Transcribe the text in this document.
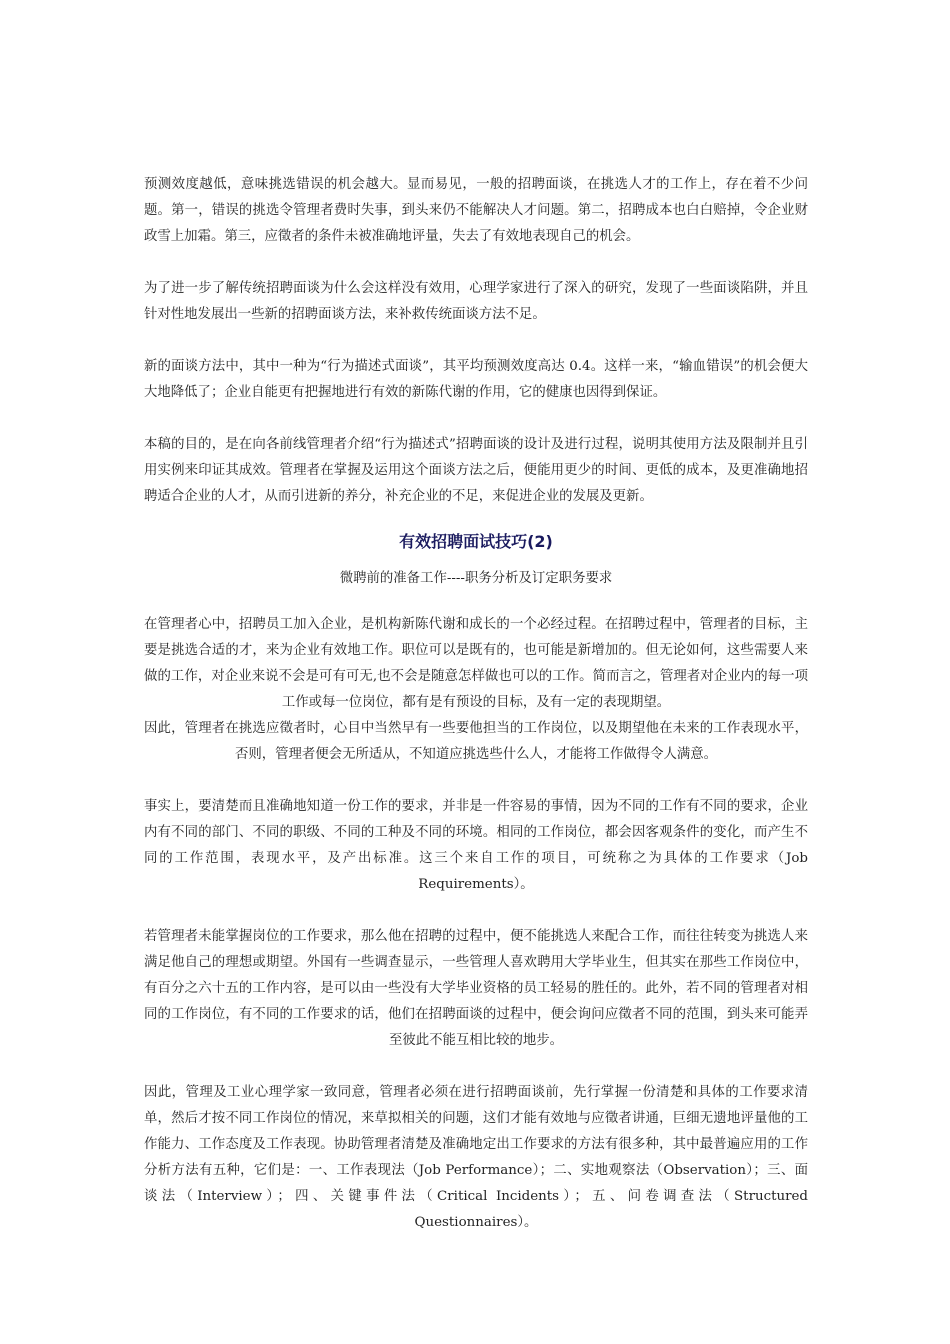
预测效度越低，意味挑选错误的机会越大。显而易见，一般的招聘面谈，在挑选人才的工作上，存在着不少问题。第一，错误的挑选令管理者费时失事，到头来仍不能解决人才问题。第二，招聘成本也白白赔掉，令企业财政雪上加霜。第三，应徵者的条件未被准确地评量，失去了有效地表现自己的机会。

为了进一步了解传统招聘面谈为什么会这样没有效用，心理学家进行了深入的研究，发现了一些面谈陷阱，并且针对性地发展出一些新的招聘面谈方法，来补救传统面谈方法不足。

新的面谈方法中，其中一种为“行为描述式面谈”，其平均预测效度高达 0.4。这样一来，“输血错误”的机会便大大地降低了；企业自能更有把握地进行有效的新陈代谢的作用，它的健康也因得到保证。

本稿的目的，是在向各前线管理者介绍“行为描述式”招聘面谈的设计及进行过程，说明其使用方法及限制并且引用实例来印证其成效。管理者在掌握及运用这个面谈方法之后，便能用更少的时间、更低的成本，及更准确地招聘适合企业的人才，从而引进新的养分，补充企业的不足，来促进企业的发展及更新。

有效招聘面试技巧(2)

微聘前的准备工作----职务分析及订定职务要求

在管理者心中，招聘员工加入企业，是机构新陈代谢和成长的一个必经过程。在招聘过程中，管理者的目标，主要是挑选合适的才，来为企业有效地工作。职位可以是既有的，也可能是新增加的。但无论如何，这些需要人来做的工作，对企业来说不会是可有可无,也不会是随意怎样做也可以的工作。简而言之，管理者对企业内的每一项工作或每一位岗位，都有是有预设的目标，及有一定的表现期望。

因此，管理者在挑选应徵者时，心目中当然早有一些要他担当的工作岗位，以及期望他在未来的工作表现水平，否则，管理者便会无所适从，不知道应挑选些什么人，才能将工作做得令人满意。

事实上，要清楚而且准确地知道一份工作的要求，并非是一件容易的事情，因为不同的工作有不同的要求，企业内有不同的部门、不同的职级、不同的工种及不同的环境。相同的工作岗位，都会因客观条件的变化，而产生不同的工作范围，表现水平，及产出标准。这三个来自工作的项目，可统称之为具体的工作要求（Job Requirements）。

若管理者未能掌握岗位的工作要求，那么他在招聘的过程中，便不能挑选人来配合工作，而往往转变为挑选人来满足他自己的理想或期望。外国有一些调查显示，一些管理人喜欢聘用大学毕业生，但其实在那些工作岗位中，有百分之六十五的工作内容，是可以由一些没有大学毕业资格的员工轻易的胜任的。此外，若不同的管理者对相同的工作岗位，有不同的工作要求的话，他们在招聘面谈的过程中，便会询问应徵者不同的范围，到头来可能弄至彼此不能互相比较的地步。

因此，管理及工业心理学家一致同意，管理者必须在进行招聘面谈前，先行掌握一份清楚和具体的工作要求清单，然后才按不同工作岗位的情况，来草拟相关的问题，这们才能有效地与应徵者讲通，巨细无遗地评量他的工作能力、工作态度及工作表现。协助管理者清楚及准确地定出工作要求的方法有很多种，其中最普遍应用的工作分析方法有五种，它们是：一、工作表现法（Job Performance）；二、实地观察法（Observation）；三、面谈法（Interview）；四、关键事件法（Critical Incidents）；五、问卷调查法（Structured Questionnaires）。
